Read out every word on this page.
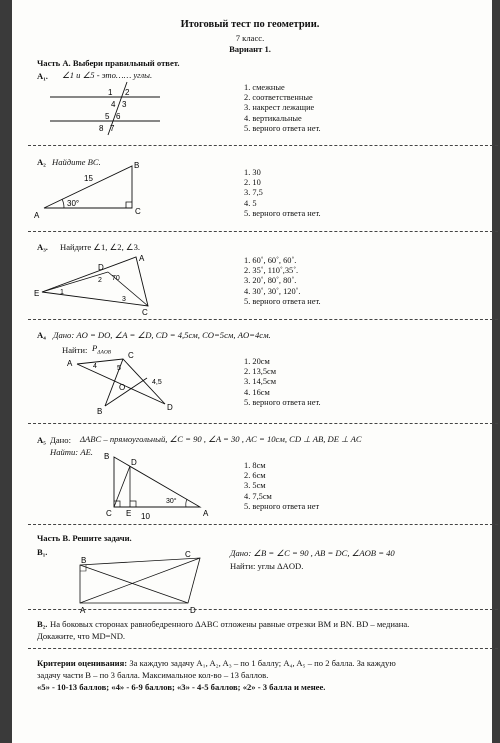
Итоговый тест по геометрии.
7 класс.
Вариант 1.
Часть А. Выбери правильный ответ.
A₁. ∠1 и ∠5 - это…… углы.
1 2
4 3
5 6
8 7
1. смежные
2. соответственные
3. накрест лежащие
4. вертикальные
5. верного ответа нет.
A₂ Найдите BC.	B
15
30°
A	C
1. 30
2. 10
3. 7,5
4. 5
5. верного ответа нет.
A₃. Найдите ∠1, ∠2, ∠3.
A
D
2 70
E	1
3
C
1. 60˚, 60˚, 60˚.
2. 35˚, 110˚,35˚.
3. 20˚, 80˚, 80˚.
4. 30˚, 30˚, 120˚.
5. верного ответа нет.
A₄ Дано: AO = DO, ∠A = ∠D, CD = 4,5см, CO=5см, AO=4см.
Найти: $P_{\Delta AOB}$
A	4	5
C
O
4,5
B	D
1. 20см
2. 13,5см
3. 14,5см
4. 16см
5. верного ответа нет.
A₅ Дано: ΔABC – прямоугольный, ∠C = 90 , ∠A = 30 , AC = 10см, CD ⊥ AB, DE ⊥ AC
Найти: AE. B
D
30°
C E 10	A
1. 8см
2. 6см
3. 5см
4. 7,5см
5. верного ответа нет
Часть В. Решите задачи.
B₁.
B
C
A	D
Дано: ∠B = ∠C = 90 , AB = DC, ∠AOB = 40
Найти: углы ΔAOD.
B₂. На боковых сторонах равнобедренного ΔABC отложены равные отрезки BM и BN. BD – медиана.
Докажите, что MD=ND.
Критерии оценивания: За каждую задачу A₁, A₂, A₃ – по 1 баллу; A₄, A₅ – по 2 балла. За каждую
задачу части В – по 3 балла. Максимальное кол-во – 13 баллов.
«5» - 10-13 баллов; «4» - 6-9 баллов; «3» - 4-5 баллов; «2» - 3 балла и менее.
